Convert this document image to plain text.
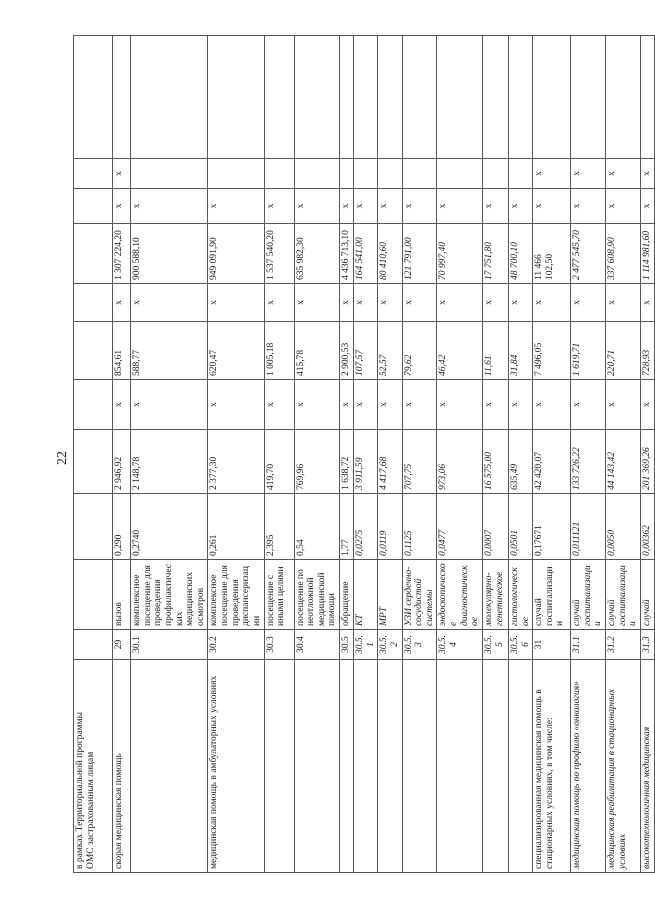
22
в рамках Территориальной программы ОМС застрахованным лицам											

скорая медицинская помощь	29	вызов	0,290	2 946,92	х	854,61	х	1 307 224,20	х	х	
	30.1	комплексное посещение для проведения профилактических медицинских осмотров	0,2740	2 148,78	х	588,77	х	900 588,10	х		
медицинская помощь в амбулаторных условиях	30.2	комплексное посещение для проведения диспансеризации	0,261	2 377,30	х	620,47	х	949 091,90	х		
	30.3	посещение с иными целями	2,395	419,70	х	1 005,18	х	1 537 540,20	х		
	30.4	посещение по неотложной медицинской помощи	0,54	769,96	х	415,78	х	635 982,30	х		
	30.5	обращение	1,77	1 638,72	х	2 900,53	х	4 436 713,10	х		
	30.5.1	КТ	0,0275	3 911,59	х	107,57	х	164 541,00	х		
	30.5.2	МРТ	0,0119	4 417,68	х	52,57	х	80 410,60	х		
	30.5.3	УЗИ сердечно-сосудистой системы	0,1125	707,75	х	79,62	х	121 791,00	х		
	30.5.4	эндоскопическое диагностическое	0,0477	973,06	х	46,42	х	70 997,40	х		
	30.5.5	молекулярно-генетическое	0,0007	16 575,00	х	11,61	х	17 751,80	х		
	30.5.6	гистологическое	0,0501	635,49	х	31,84	х	48 700,10	х		
специализированная медицинская помощь в стационарных условиях, в том числе:	31	случай госпитализации	0,17671	42 420,07	х	7 496,05	х	11 466 102,50	х	х	
медицинская помощь по профилю «онкология»	31.1	случай госпитализации	0,011121	133 726,22	х	1 619,71	х	2 477 545,70	х	х	
медицинская реабилитация в стационарных условиях	31.2	случай госпитализации	0,0050	44 143,42	х	220,71	х	337 608,90	х	х	
высокотехнологичная медицинская	31.3	случай	0,00362	201 369,26	х	728,93	х	1 114 981,60	х	х	
